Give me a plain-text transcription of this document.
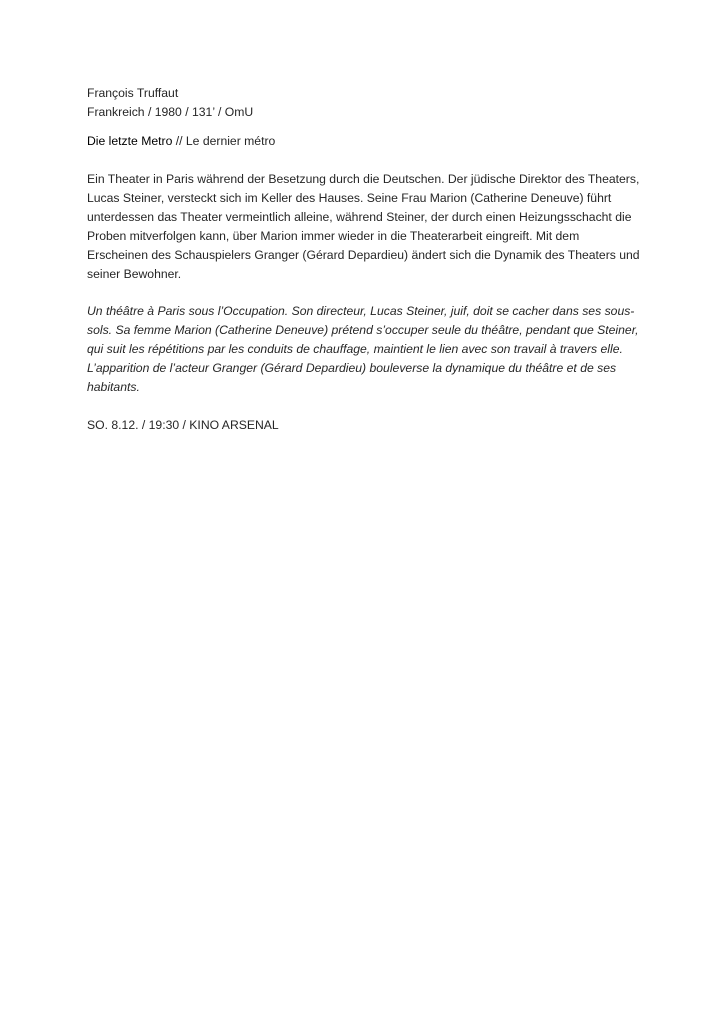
François Truffaut
Frankreich / 1980 / 131’ / OmU
Die letzte Metro // Le dernier métro
Ein Theater in Paris während der Besetzung durch die Deutschen. Der jüdische Direktor des Theaters,
Lucas Steiner, versteckt sich im Keller des Hauses. Seine Frau Marion (Catherine Deneuve) führt
unterdessen das Theater vermeintlich alleine, während Steiner, der durch einen Heizungsschacht die
Proben mitverfolgen kann, über Marion immer wieder in die Theaterarbeit eingreift. Mit dem
Erscheinen des Schauspielers Granger (Gérard Depardieu) ändert sich die Dynamik des Theaters und
seiner Bewohner.
Un théâtre à Paris sous l’Occupation. Son directeur, Lucas Steiner, juif, doit se cacher dans ses sous-
sols. Sa femme Marion (Catherine Deneuve) prétend s’occuper seule du théâtre, pendant que Steiner,
qui suit les répétitions par les conduits de chauffage, maintient le lien avec son travail à travers elle.
L’apparition de l’acteur Granger (Gérard Depardieu) bouleverse la dynamique du théâtre et de ses
habitants.
SO. 8.12. / 19:30 / KINO ARSENAL
